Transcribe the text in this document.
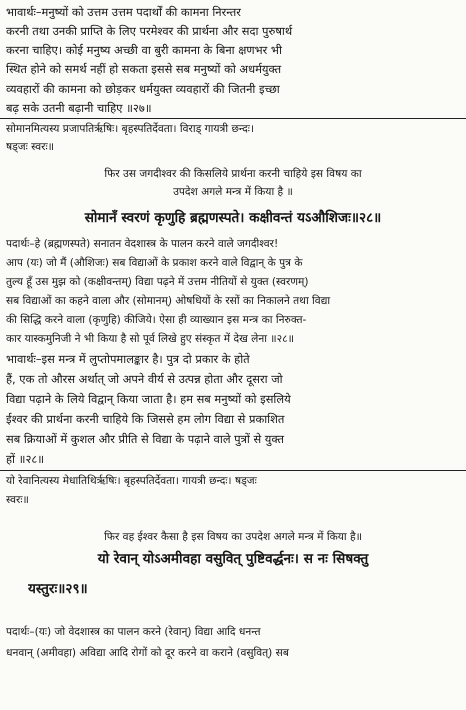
भावार्थः–मनुष्यों को उत्तम उत्तम पदार्थों की कामना निरन्तर
करनी तथा उनकी प्राप्ति के लिए परमेश्वर की प्रार्थना और सदा पुरुषार्थ
करना चाहिए। कोई मनुष्य अच्छी वा बुरी कामना के बिना क्षणभर भी
स्थित होने को समर्थ नहीं हो सकता इससे सब मनुष्यों को अधर्मयुक्त
व्यवहारों की कामना को छोड़कर धर्मयुक्त व्यवहारों की जितनी इच्छा
बढ़ सके उतनी बढ़ानी चाहिए ॥२७॥
सोमानमित्यस्य प्रजापतिर्ऋषिः। बृहस्पतिर्देवता। विराड् गायत्री छन्दः।
षड्जः स्वरः॥
फिर उस जगदीश्वर की किसलिये प्रार्थना करनी चाहिये इस विषय का
उपदेश अगले मन्त्र में किया है ॥
सोमानँ स्वरणं कृणुहि ब्रह्मणस्पते। कक्षीवन्तं यऽऔशिजः॥२८॥
पदार्थः–हे (ब्रह्मणस्पते) सनातन वेदशास्त्र के पालन करने वाले जगदीश्वर!
आप (यः) जो मैं (औशिजः) सब विद्याओं के प्रकाश करने वाले विद्वान् के पुत्र के
तुल्य हूँ उस मुझ को (कक्षीवन्तम्) विद्या पढ़ने में उत्तम नीतियों से युक्त (स्वरणम्)
सब विद्याओं का कहने वाला और (सोमानम्) ओषधियों के रसों का निकालने तथा विद्या
की सिद्धि करने वाला (कृणुहि) कीजिये। ऐसा ही व्याख्यान इस मन्त्र का निरुक्त-
कार यास्कमुनिजी ने भी किया है सो पूर्व लिखे हुए संस्कृत में देख लेना ॥२८॥
भावार्थः–इस मन्त्र में लुप्तोपमालङ्कार है। पुत्र दो प्रकार के होते
हैं, एक तो औरस अर्थात् जो अपने वीर्य से उत्पन्न होता और दूसरा जो
विद्या पढ़ाने के लिये विद्वान् किया जाता है। हम सब मनुष्यों को इसलिये
ईश्वर की प्रार्थना करनी चाहिये कि जिससे हम लोग विद्या से प्रकाशित
सब क्रियाओं में कुशल और प्रीति से विद्या के पढ़ाने वाले पुत्रों से युक्त
हों ॥२८॥
यो रेवानित्यस्य मेधातिथिर्ऋषिः। बृहस्पतिर्देवता। गायत्री छन्दः। षड्जः
स्वरः॥
फिर वह ईश्वर कैसा है इस विषय का उपदेश अगले मन्त्र में किया है॥
यो रेवान् योऽअमीवहा वसुवित् पुष्टिवर्द्धनः। स नः सिषक्तु
यस्तुरः॥२९॥
पदार्थः–(यः) जो वेदशास्त्र का पालन करने (रेवान्) विद्या आदि धनन्त
धनवान् (अमीवहा) अविद्या आदि रोगों को दूर करने वा कराने (वसुवित्) सब
